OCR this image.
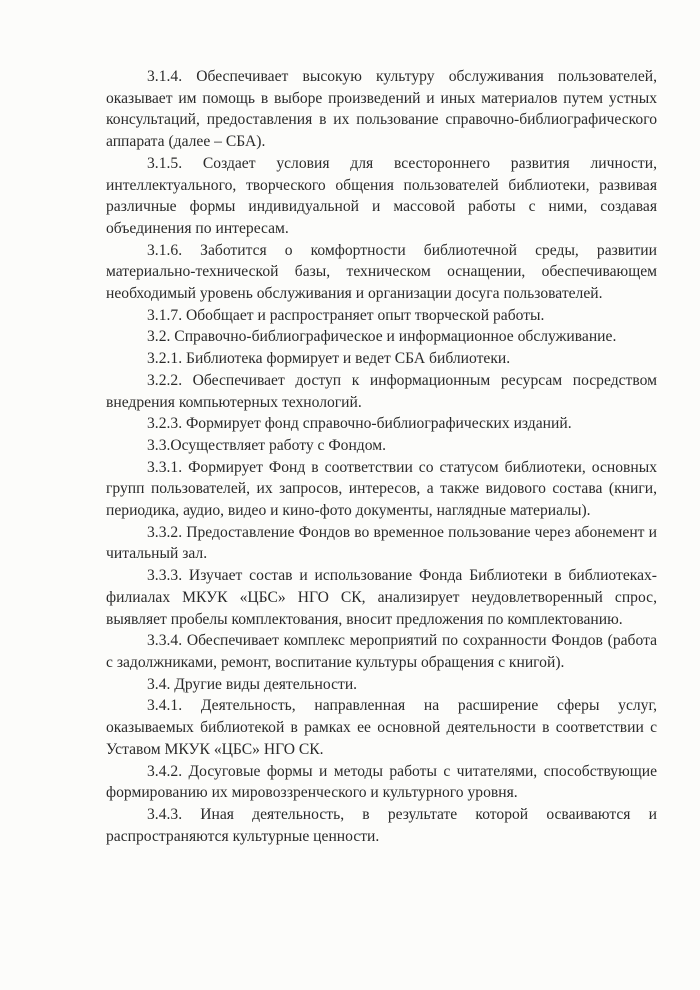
3.1.4. Обеспечивает высокую культуру обслуживания пользователей, оказывает им помощь в выборе произведений и иных материалов путем устных консультаций, предоставления в их пользование справочно-библиографического аппарата (далее – СБА).

3.1.5. Создает условия для всестороннего развития личности, интеллектуального, творческого общения пользователей библиотеки, развивая различные формы индивидуальной и массовой работы с ними, создавая объединения по интересам.

3.1.6. Заботится о комфортности библиотечной среды, развитии материально-технической базы, техническом оснащении, обеспечивающем необходимый уровень обслуживания и организации досуга пользователей.

3.1.7. Обобщает и распространяет опыт творческой работы.

3.2. Справочно-библиографическое и информационное обслуживание.

3.2.1. Библиотека формирует и ведет СБА библиотеки.

3.2.2. Обеспечивает доступ к информационным ресурсам посредством внедрения компьютерных технологий.

3.2.3. Формирует фонд справочно-библиографических изданий.

3.3.Осуществляет работу с Фондом.

3.3.1. Формирует Фонд в соответствии со статусом библиотеки, основных групп пользователей, их запросов, интересов, а также видового состава (книги, периодика, аудио, видео и кино-фото документы, наглядные материалы).

3.3.2. Предоставление Фондов во временное пользование через абонемент и читальный зал.

3.3.3. Изучает состав и использование Фонда Библиотеки в библиотеках-филиалах МКУК «ЦБС» НГО СК, анализирует неудовлетворенный спрос, выявляет пробелы комплектования, вносит предложения по комплектованию.

3.3.4. Обеспечивает комплекс мероприятий по сохранности Фондов (работа с задолжниками, ремонт, воспитание культуры обращения с книгой).

3.4. Другие виды деятельности.

3.4.1. Деятельность, направленная на расширение сферы услуг, оказываемых библиотекой в рамках ее основной деятельности в соответствии с Уставом МКУК «ЦБС» НГО СК.

3.4.2. Досуговые формы и методы работы с читателями, способствующие формированию их мировоззренческого и культурного уровня.

3.4.3. Иная деятельность, в результате которой осваиваются и распространяются культурные ценности.
